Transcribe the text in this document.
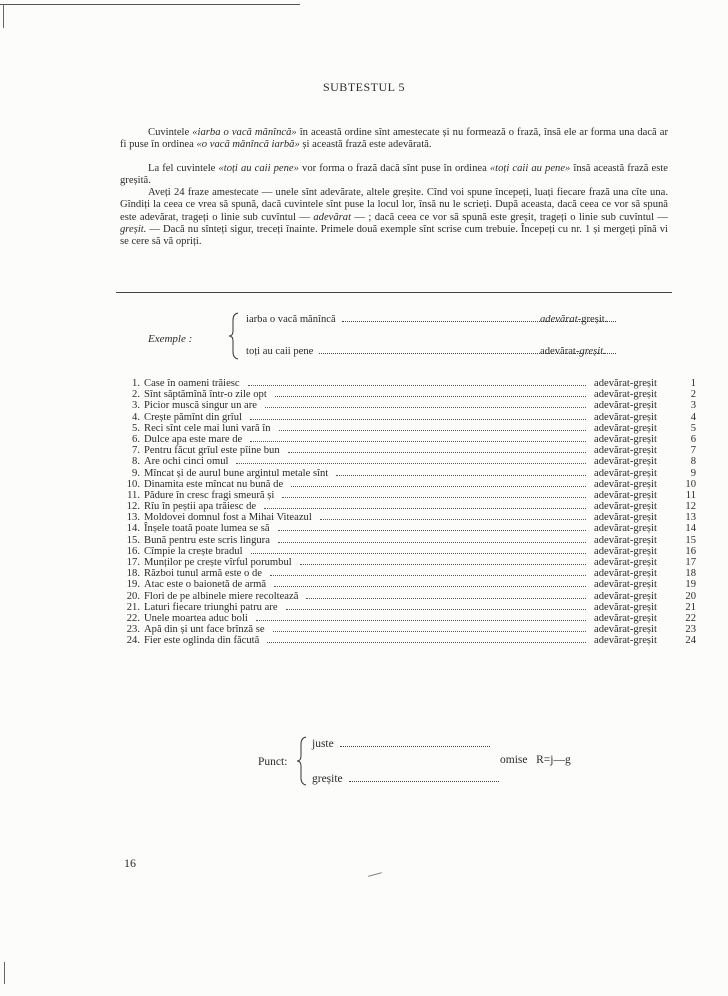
SUBTESTUL 5
Cuvintele «iarba o vacă mănîncă» în această ordine sînt amestecate și nu formează o frază, însă ele ar forma una dacă ar fi puse în ordinea «o vacă mănîncă iarbă» și această frază este adevărată.
La fel cuvintele «toți au caii pene» vor forma o frază dacă sînt puse în ordinea «toți caii au pene» însă această frază este greșită.
Aveți 24 fraze amestecate — unele sînt adevărate, altele greșite. Cînd voi spune începeți, luați fiecare frază una cîte una. Gîndiți la ceea ce vrea să spună, dacă cuvintele sînt puse la locul lor, însă nu le scrieți. După aceasta, dacă ceea ce vor să spună este adevărat, trageți o linie sub cuvîntul — adevărat — ; dacă ceea ce vor să spună este greșit, trageți o linie sub cuvîntul — greșit. — Dacă nu sînteți sigur, treceți înainte. Primele două exemple sînt scrise cum trebuie. Începeți cu nr. 1 și mergeți pînă vi se cere să vă opriți.
Exemple :
iarba o vacă mănîncă	adevărat-greșit.
toți au caii pene	adevărat-greșit.
1. Case în oameni trăiesc	adevărat-greșit	1
2. Sînt săptămînă într-o zile opt	adevărat-greșit	2
3. Picior muscă singur un are	adevărat-greșit	3
4. Crește pămînt din grîul	adevărat-greșit	4
5. Reci sînt cele mai luni vară în	adevărat-greșit	5
6. Dulce apa este mare de	adevărat-greșit	6
7. Pentru făcut grîul este pîine bun	adevărat-greșit	7
8. Are ochi cinci omul	adevărat-greșit	8
9. Mîncat și de aurul bune argintul metale sînt	adevărat-greșit	9
10. Dinamita este mîncat nu bună de	adevărat-greșit	10
11. Pădure în cresc fragi smeură și	adevărat-greșit	11
12. Rîu în peștii apa trăiesc de	adevărat-greșit	12
13. Moldovei domnul fost a Mihai Viteazul	adevărat-greșit	13
14. Înșele toată poate lumea se să	adevărat-greșit	14
15. Bună pentru este scris lingura	adevărat-greșit	15
16. Cîmpie la crește bradul	adevărat-greșit	16
17. Munților pe crește vîrful porumbul	adevărat-greșit	17
18. Război tunul armă este o de	adevărat-greșit	18
19. Atac este o baionetă de armă	adevărat-greșit	19
20. Flori de pe albinele miere recoltează	adevărat-greșit	20
21. Laturi fiecare triunghi patru are	adevărat-greșit	21
22. Unele moartea aduc boli	adevărat-greșit	22
23. Apă din și unt face brînză se	adevărat-greșit	23
24. Fier este oglinda din făcută	adevărat-greșit	24
Punct:
juste
greșite
omise R=j—g
16
